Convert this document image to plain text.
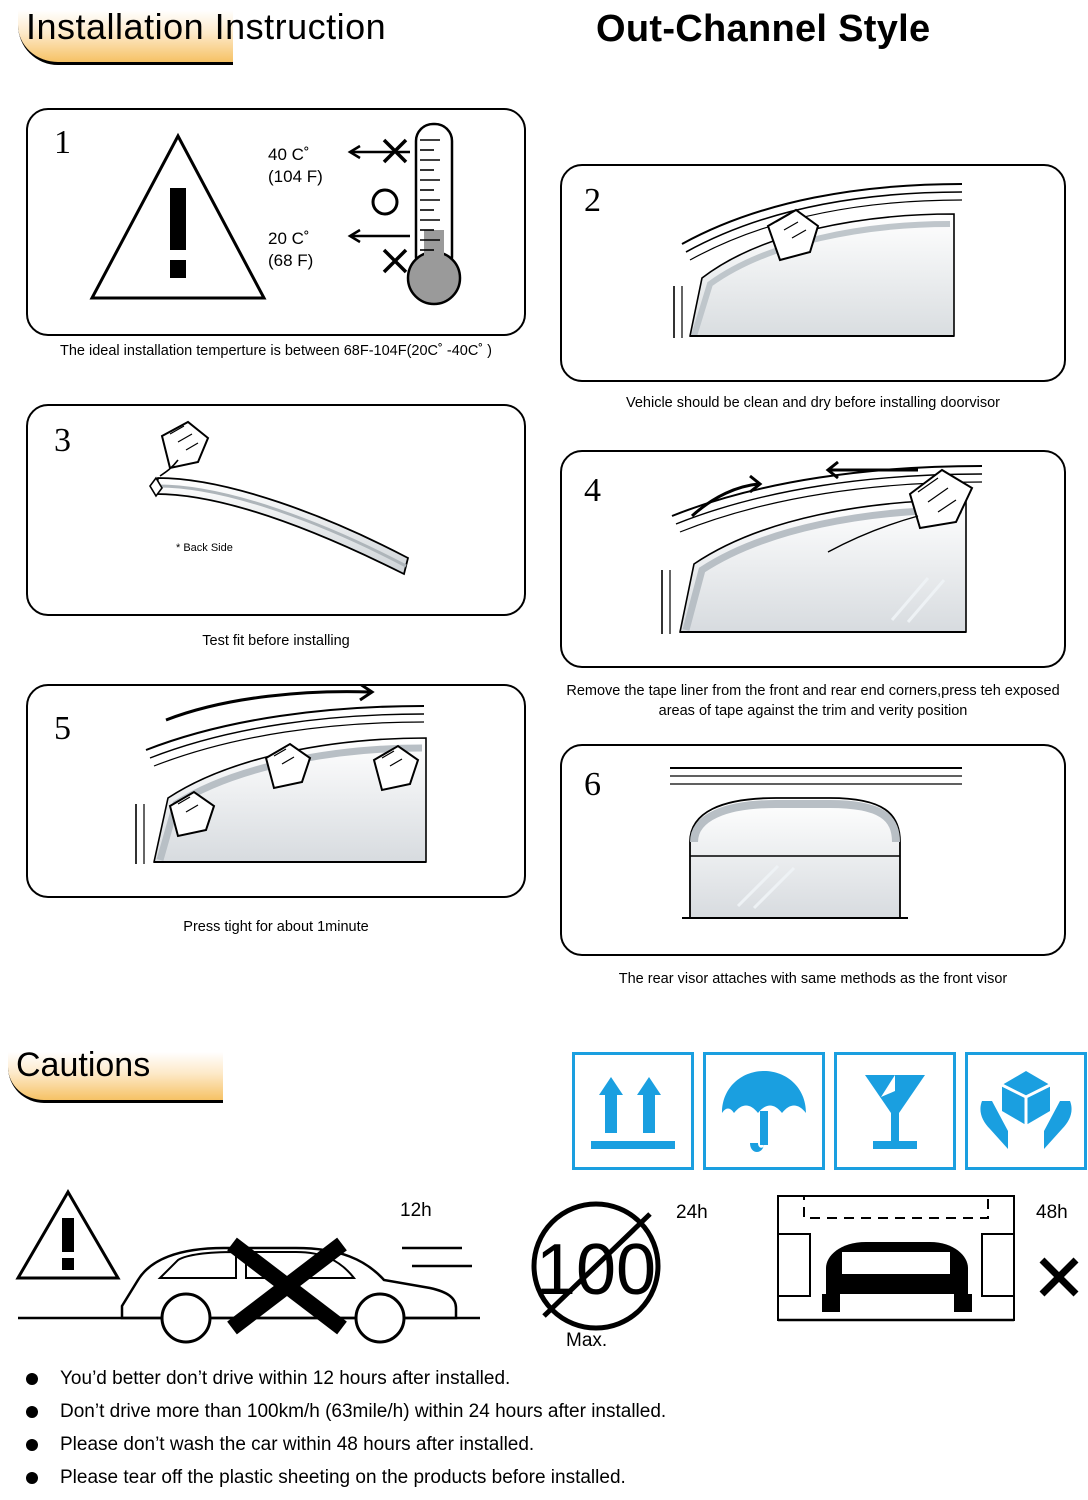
Installation Instruction	Out-Channel Style
1	40 C˚
(104 F)
20 C˚
(68 F)
The ideal installation temperture is between 68F-104F(20C˚ -40C˚ )
2
Vehicle should be clean and dry before installing doorvisor
3
* Back Side
Test fit before installing
4
Remove the tape liner from the front and rear end corners,press teh exposed areas of tape against the trim and verity position
5
Press tight for about 1minute
6
The rear visor attaches with same methods as the front visor
Cautions
12h
100
24h
Max.
48h
You’d better don’t drive within 12 hours after installed.
Don’t drive more than 100km/h (63mile/h) within 24 hours after installed.
Please don’t wash the car within 48 hours after installed.
Please tear off the plastic sheeting on the products before installed.
